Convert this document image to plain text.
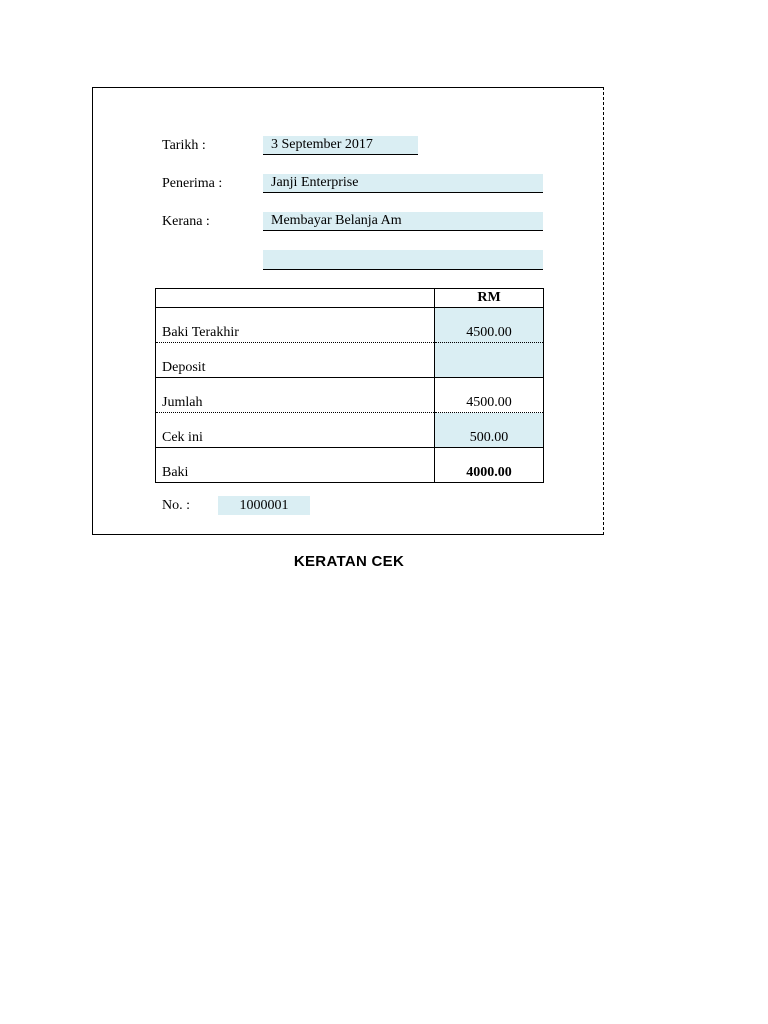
Tarikh :	3 September 2017
Penerima :	Janji Enterprise
Kerana :	Membayar Belanja Am
	RM
Baki Terakhir	4500.00
Deposit	
Jumlah	4500.00
Cek ini	500.00
Baki	4000.00
No. :	1000001
KERATAN CEK
